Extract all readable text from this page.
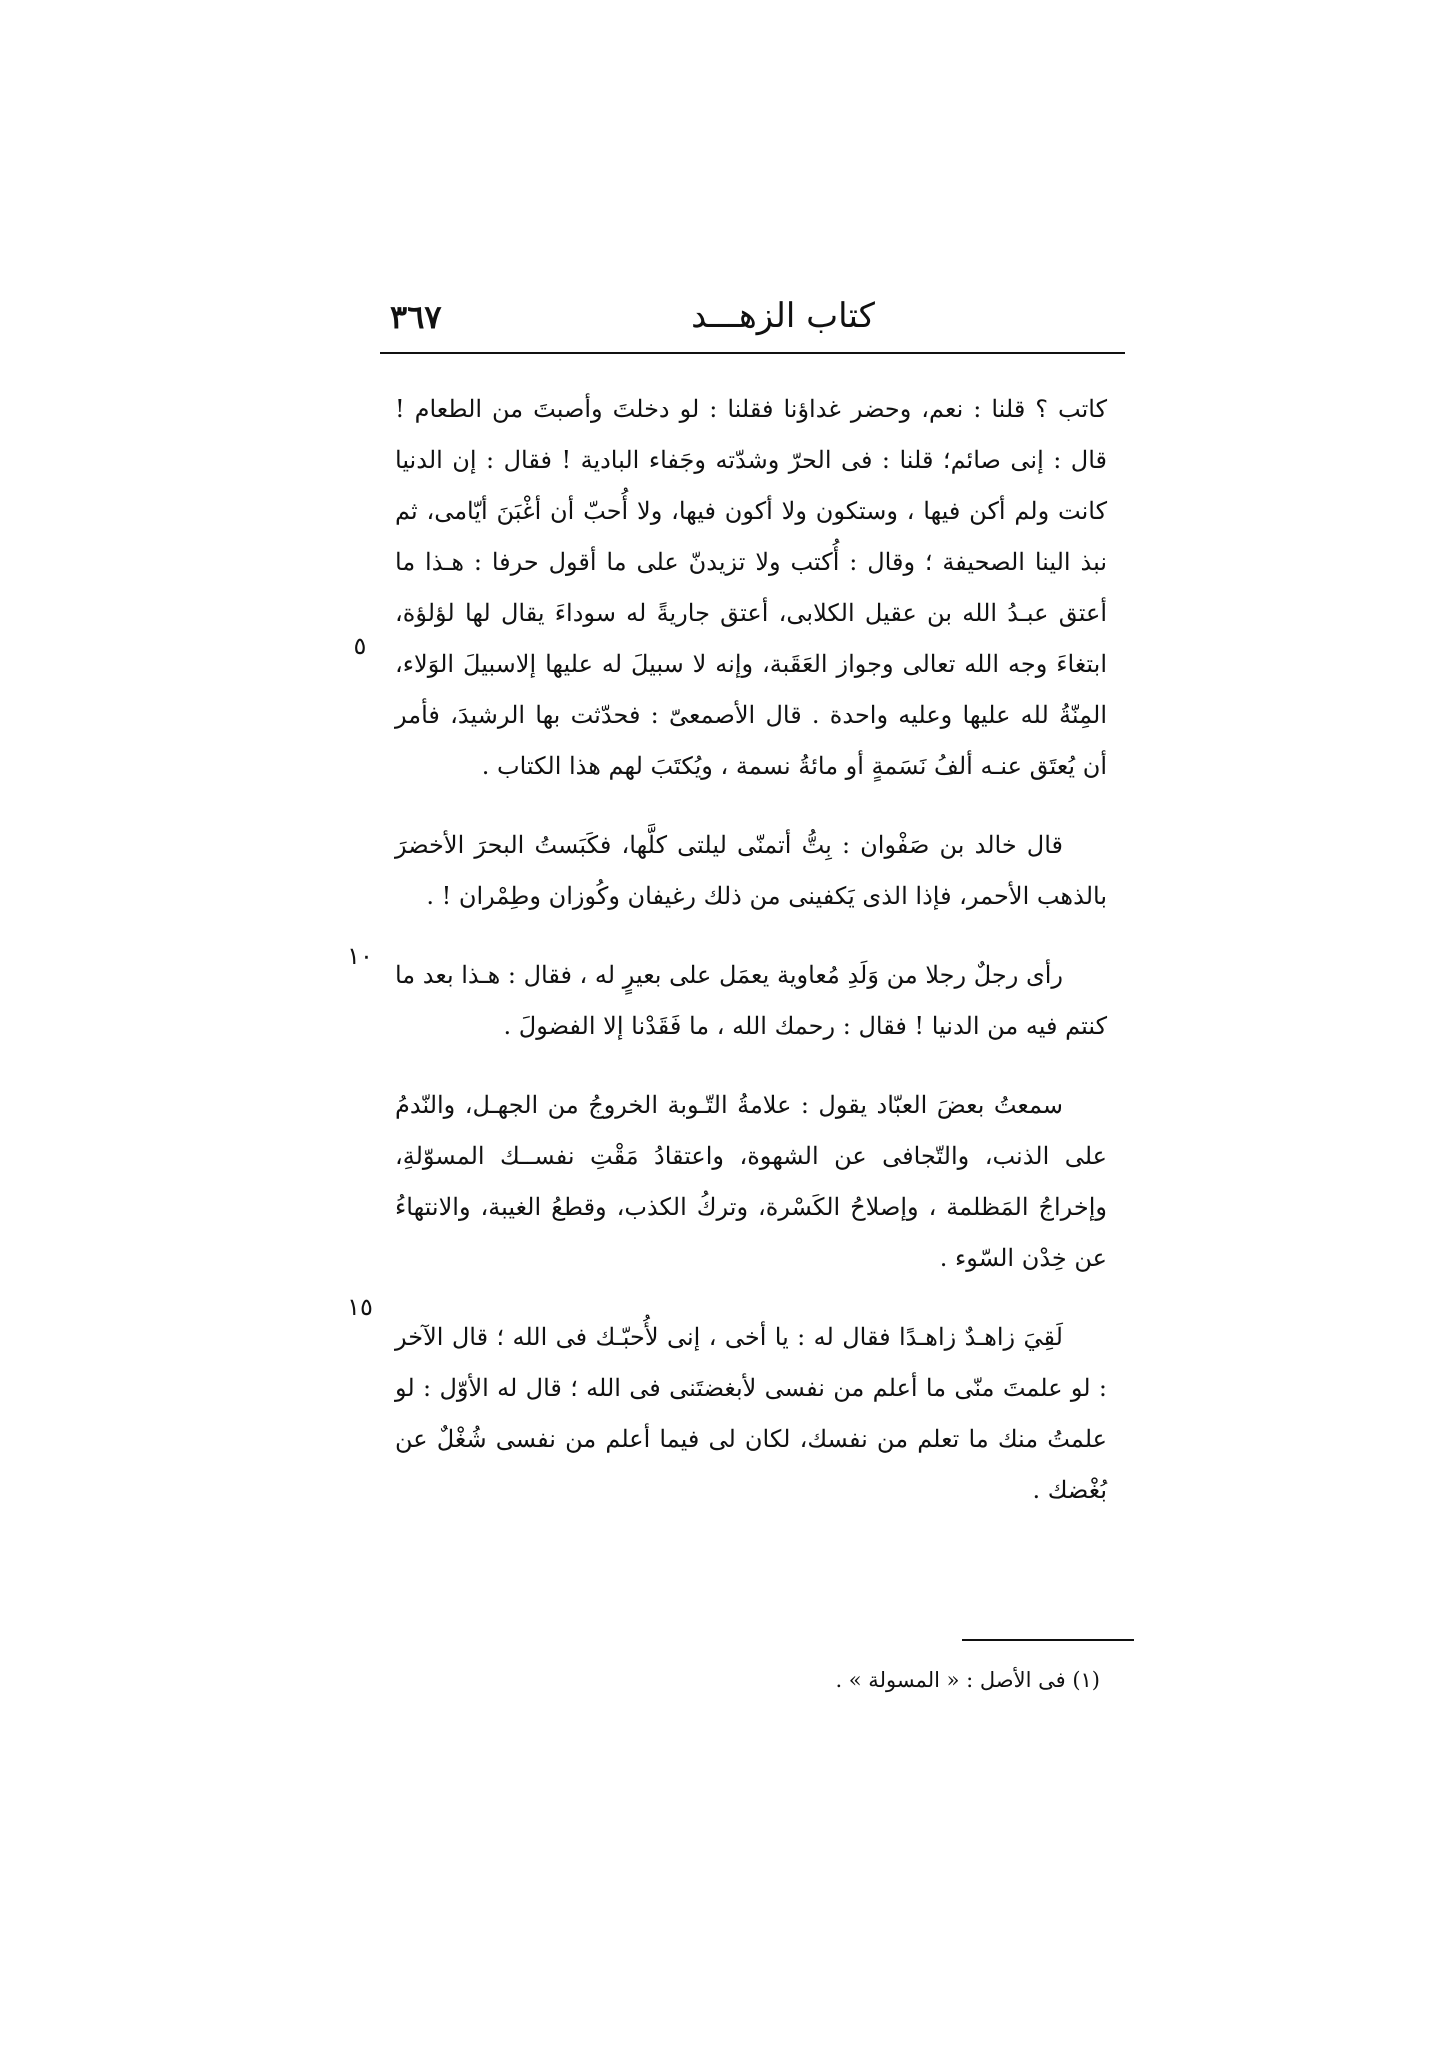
كتاب الزهـــد
٣٦٧

كاتب ؟ قلنا : نعم، وحضر غداؤنا فقلنا : لو دخلتَ وأصبتَ من الطعام ! قال : إنى صائم؛ قلنا : فى الحرّ وشدّته وجَفاء البادية ! فقال : إن الدنيا كانت ولم أكن فيها ، وستكون ولا أكون فيها، ولا أُحبّ أن أغْبَنَ أيّامى، ثم نبذ الينا الصحيفة ؛ وقال : أُكتب ولا تزيدنّ على ما أقول حرفا : هـذا ما أعتق عبـدُ الله بن عقيل الكلابى، أعتق جاريةً له سوداءَ يقال لها لؤلؤة، ابتغاءَ وجه الله تعالى وجواز العَقَبة، وإنه لا سبيلَ له عليها إلاسبيلَ الوَلاء، المِنّةُ لله عليها وعليه واحدة . قال الأصمعىّ : فحدّثت بها الرشيدَ، فأمر أن يُعتَق عنـه ألفُ نَسَمةٍ أو مائةُ نسمة ، ويُكتَبَ لهم هذا الكتاب .

قال خالد بن صَفْوان : بِتُّ أتمنّى ليلتى كلَّها، فكَبَستُ البحرَ الأخضرَ بالذهب الأحمر، فإذا الذى يَكفينى من ذلك رغيفان وكُوزان وطِمْران ! .

رأى رجلٌ رجلا من وَلَدِ مُعاوية يعمَل على بعيرٍ له ، فقال : هـذا بعد ما كنتم فيه من الدنيا ! فقال : رحمك الله ، ما فَقَدْنا إلا الفضولَ .

سمعتُ بعضَ العبّاد يقول : علامةُ التّـوبة الخروجُ من الجهـل، والنّدمُ على الذنب، والتّجافى عن الشهوة، واعتقادُ مَقْتِ نفســك المسوّلةِ، وإخراجُ المَظلمة ، وإصلاحُ الكَسْرة، وتركُ الكذب، وقطعُ الغيبة، والانتهاءُ عن خِدْن السّوء .

لَقِيَ زاهـدٌ زاهـدًا فقال له : يا أخى ، إنى لأُحبّـك فى الله ؛ قال الآخر : لو علمتَ منّى ما أعلم من نفسى لأبغضتَنى فى الله ؛ قال له الأوّل : لو علمتُ منك ما تعلم من نفسك، لكان لى فيما أعلم من نفسى شُغْلٌ عن بُغْضك .

٥
١٠
١٥
(١) فى الأصل : « المسولة » .
